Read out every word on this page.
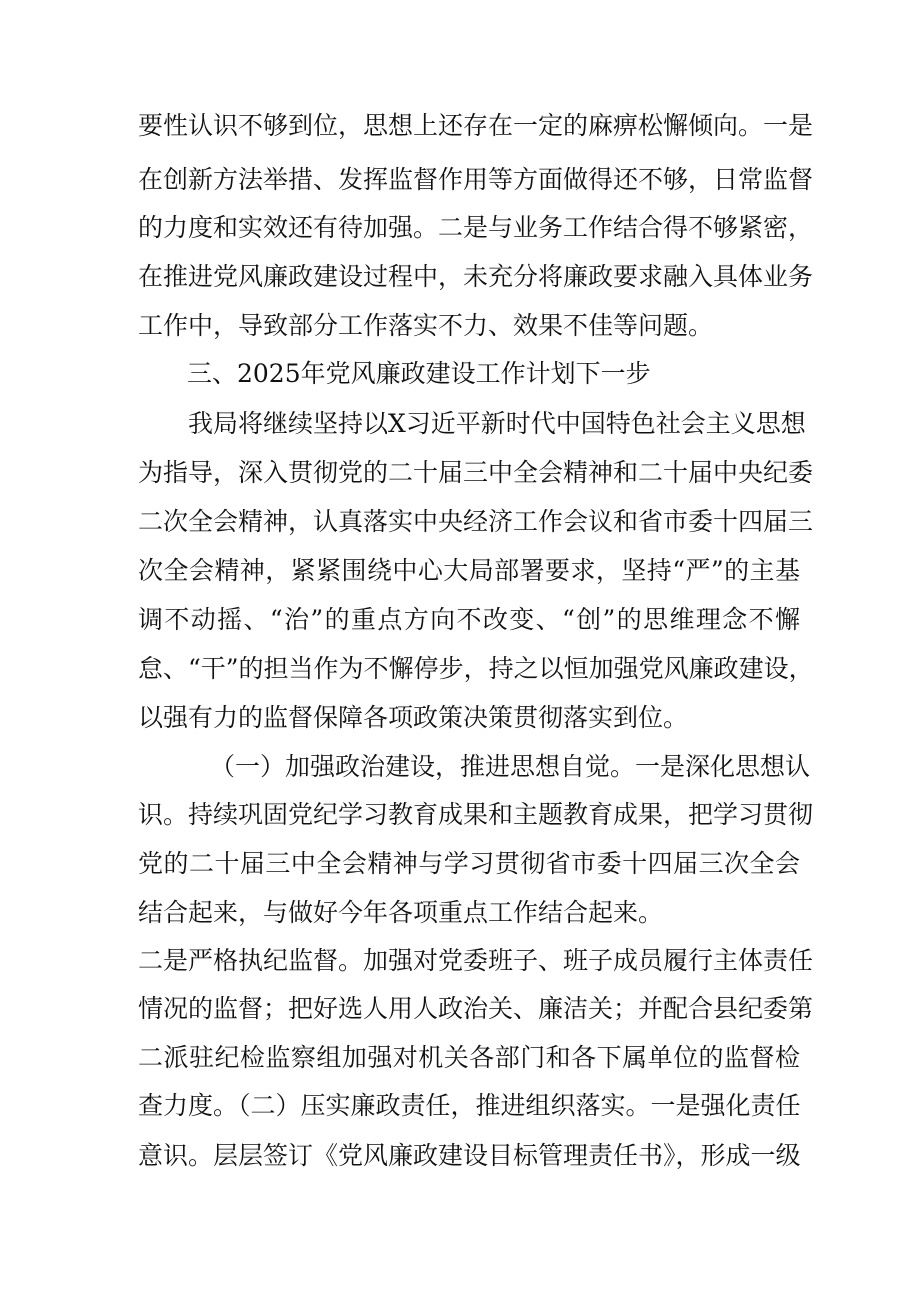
要性认识不够到位，思想上还存在一定的麻痹松懈倾向。一是
在创新方法举措、发挥监督作用等方面做得还不够，日常监督
的力度和实效还有待加强。二是与业务工作结合得不够紧密，
在推进党风廉政建设过程中，未充分将廉政要求融入具体业务
工作中，导致部分工作落实不力、效果不佳等问题。
三、2025年党风廉政建设工作计划下一步
我局将继续坚持以X习近平新时代中国特色社会主义思想
为指导，深入贯彻党的二十届三中全会精神和二十届中央纪委
二次全会精神，认真落实中央经济工作会议和省市委十四届三
次全会精神，紧紧围绕中心大局部署要求，坚持“严”的主基
调不动摇、“治”的重点方向不改变、“创”的思维理念不懈
怠、“干”的担当作为不懈停步，持之以恒加强党风廉政建设，
以强有力的监督保障各项政策决策贯彻落实到位。
（一）加强政治建设，推进思想自觉。一是深化思想认
识。持续巩固党纪学习教育成果和主题教育成果，把学习贯彻
党的二十届三中全会精神与学习贯彻省市委十四届三次全会
结合起来，与做好今年各项重点工作结合起来。
二是严格执纪监督。加强对党委班子、班子成员履行主体责任
情况的监督；把好选人用人政治关、廉洁关；并配合县纪委第
二派驻纪检监察组加强对机关各部门和各下属单位的监督检
查力度。（二）压实廉政责任，推进组织落实。一是强化责任
意识。层层签订《党风廉政建设目标管理责任书》，形成一级
